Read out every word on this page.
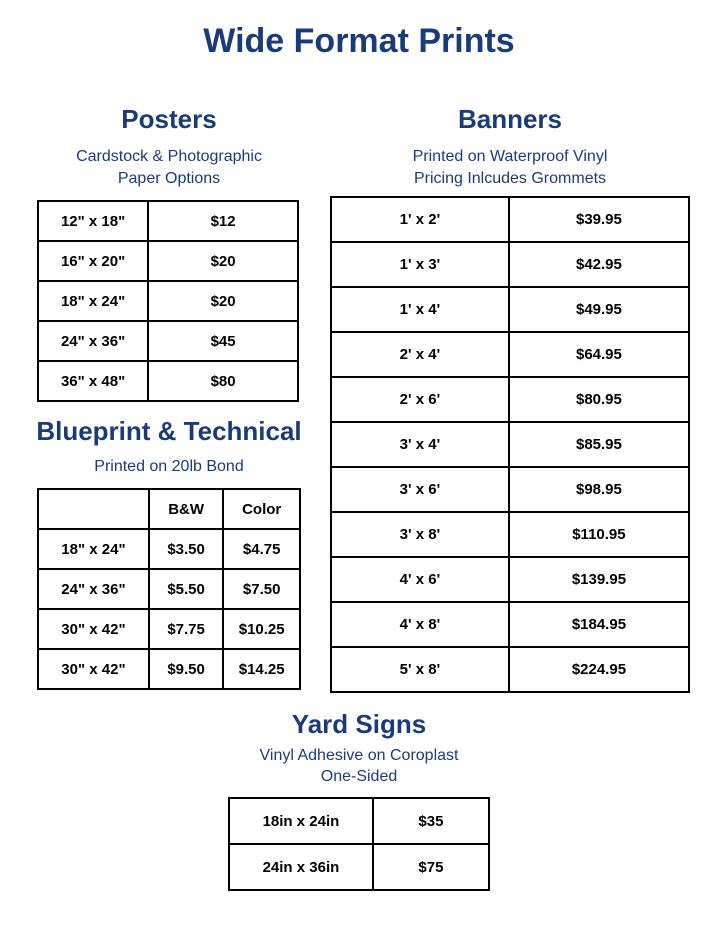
Wide Format Prints
Posters
Cardstock & Photographic
Paper Options
12" x 18"	$12
16" x 20"	$20
18" x 24"	$20
24" x 36"	$45
36" x 48"	$80
Blueprint & Technical
Printed on 20lb Bond
	B&W	Color
18" x 24"	$3.50	$4.75
24" x 36"	$5.50	$7.50
30" x 42"	$7.75	$10.25
30" x 42"	$9.50	$14.25
Banners
Printed on Waterproof Vinyl
Pricing Inlcudes Grommets
1' x 2'	$39.95
1' x 3'	$42.95
1' x 4'	$49.95
2' x 4'	$64.95
2' x 6'	$80.95
3' x 4'	$85.95
3' x 6'	$98.95
3' x 8'	$110.95
4' x 6'	$139.95
4' x 8'	$184.95
5' x 8'	$224.95
Yard Signs
Vinyl Adhesive on Coroplast
One-Sided
18in x 24in	$35
24in x 36in	$75
